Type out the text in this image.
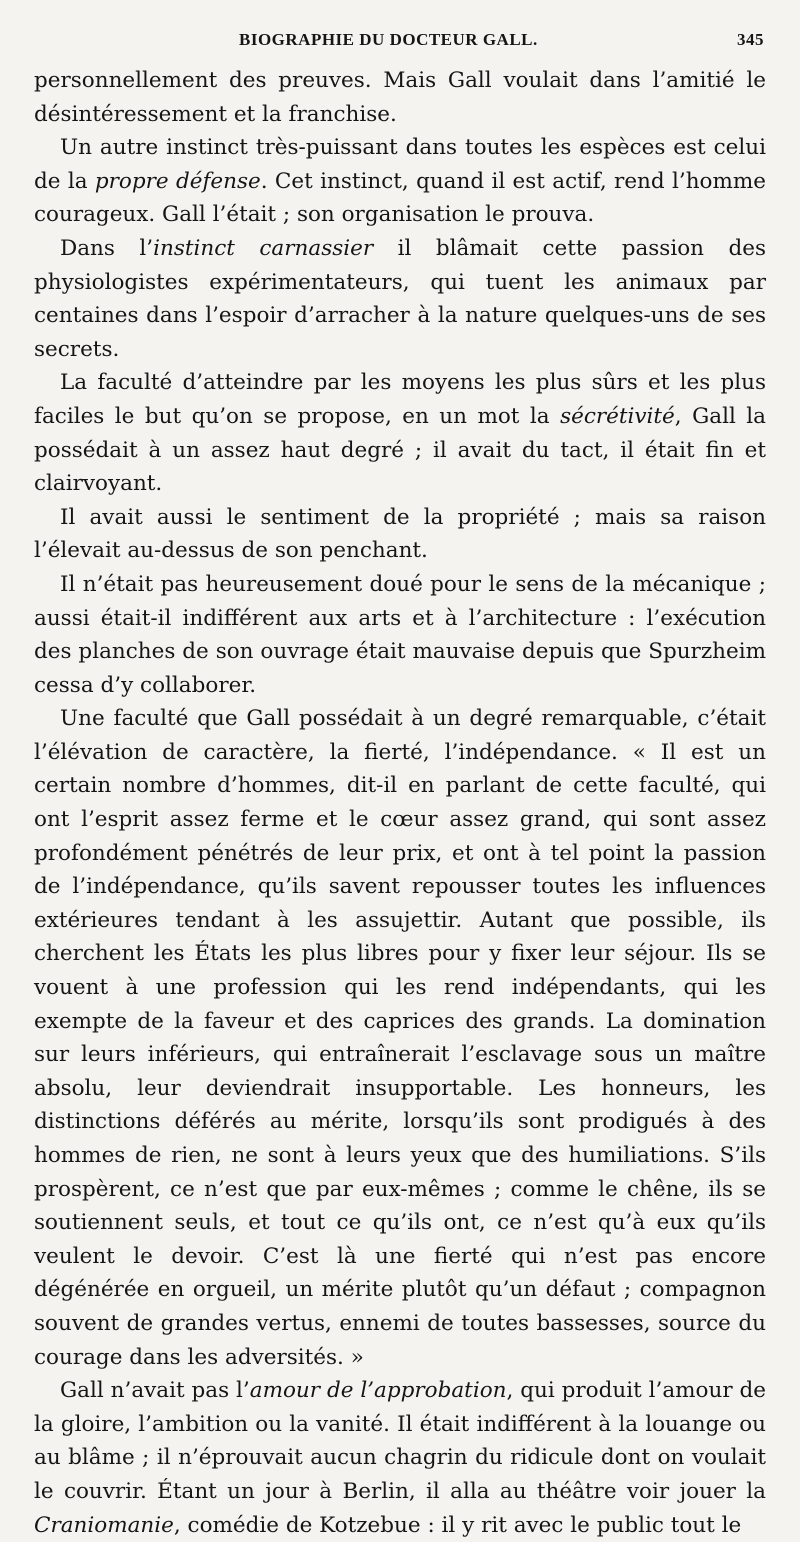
BIOGRAPHIE DU DOCTEUR GALL.	345

personnellement des preuves. Mais Gall voulait dans l’amitié le désintéressement et la franchise.

Un autre instinct très-puissant dans toutes les espèces est celui de la propre défense. Cet instinct, quand il est actif, rend l’homme courageux. Gall l’était ; son organisation le prouva.

Dans l’instinct carnassier il blâmait cette passion des physiologistes expérimentateurs, qui tuent les animaux par centaines dans l’espoir d’arracher à la nature quelques-uns de ses secrets.

La faculté d’atteindre par les moyens les plus sûrs et les plus faciles le but qu’on se propose, en un mot la sécrétivité, Gall la possédait à un assez haut degré ; il avait du tact, il était fin et clairvoyant.

Il avait aussi le sentiment de la propriété ; mais sa raison l’élevait au-dessus de son penchant.

Il n’était pas heureusement doué pour le sens de la mécanique ; aussi était-il indifférent aux arts et à l’architecture : l’exécution des planches de son ouvrage était mauvaise depuis que Spurzheim cessa d’y collaborer.

Une faculté que Gall possédait à un degré remarquable, c’était l’élévation de caractère, la fierté, l’indépendance. « Il est un certain nombre d’hommes, dit-il en parlant de cette faculté, qui ont l’esprit assez ferme et le cœur assez grand, qui sont assez profondément pénétrés de leur prix, et ont à tel point la passion de l’indépendance, qu’ils savent repousser toutes les influences extérieures tendant à les assujettir. Autant que possible, ils cherchent les États les plus libres pour y fixer leur séjour. Ils se vouent à une profession qui les rend indépendants, qui les exempte de la faveur et des caprices des grands. La domination sur leurs inférieurs, qui entraînerait l’esclavage sous un maître absolu, leur deviendrait insupportable. Les honneurs, les distinctions déférés au mérite, lorsqu’ils sont prodigués à des hommes de rien, ne sont à leurs yeux que des humiliations. S’ils prospèrent, ce n’est que par eux-mêmes ; comme le chêne, ils se soutiennent seuls, et tout ce qu’ils ont, ce n’est qu’à eux qu’ils veulent le devoir. C’est là une fierté qui n’est pas encore dégénérée en orgueil, un mérite plutôt qu’un défaut ; compagnon souvent de grandes vertus, ennemi de toutes bassesses, source du courage dans les adversités. »

Gall n’avait pas l’amour de l’approbation, qui produit l’amour de la gloire, l’ambition ou la vanité. Il était indifférent à la louange ou au blâme ; il n’éprouvait aucun chagrin du ridicule dont on voulait le couvrir. Étant un jour à Berlin, il alla au théâtre voir jouer la Craniomanie, comédie de Kotzebue : il y rit avec le public tout le
